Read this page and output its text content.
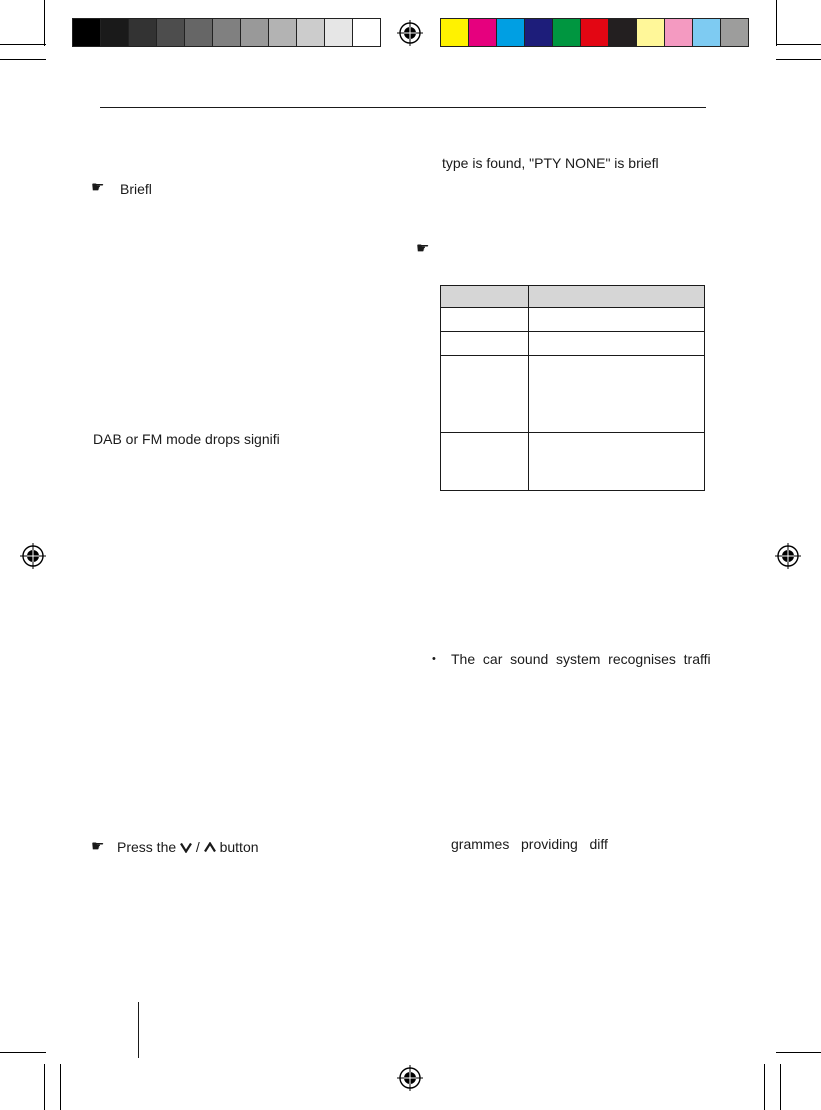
☛ Briefl
DAB or FM mode drops signifi
☛ Press the / button
type is found, "PTY NONE" is briefl
☛

• The  car  sound  system  recognises  traffi
grammes   providing   diff
